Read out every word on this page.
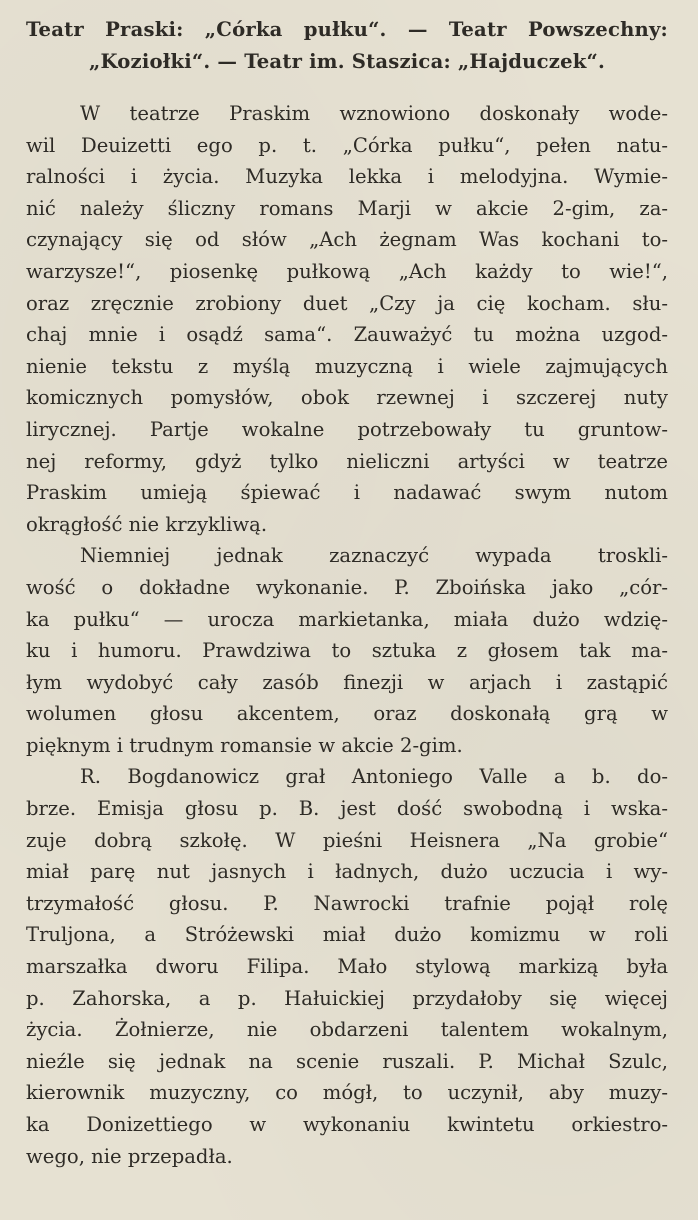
Teatr Praski: „Córka pułku“. — Teatr Powszechny:
„Koziołki“. — Teatr im. Staszica: „Hajduczek“.

W teatrze Praskim wznowiono doskonały wode-
wil Deuizetti ego p. t. „Córka pułku“, pełen natu-
ralności i życia. Muzyka lekka i melodyjna. Wymie-
nić należy śliczny romans Marji w akcie 2-gim, za-
czynający się od słów „Ach żegnam Was kochani to-
warzysze!“, piosenkę pułkową „Ach każdy to wie!“,
oraz zręcznie zrobiony duet „Czy ja cię kocham. słu-
chaj mnie i osądź sama“. Zauważyć tu można uzgod-
nienie tekstu z myślą muzyczną i wiele zajmujących
komicznych pomysłów, obok rzewnej i szczerej nuty
lirycznej. Partje wokalne potrzebowały tu gruntow-
nej reformy, gdyż tylko nieliczni artyści w teatrze
Praskim umieją śpiewać i nadawać swym nutom
okrągłość nie krzykliwą.

Niemniej jednak zaznaczyć wypada troskli-
wość o dokładne wykonanie. P. Zboińska jako „cór-
ka pułku“ — urocza markietanka, miała dużo wdzię-
ku i humoru. Prawdziwa to sztuka z głosem tak ma-
łym wydobyć cały zasób finezji w arjach i zastąpić
wolumen głosu akcentem, oraz doskonałą grą w
pięknym i trudnym romansie w akcie 2-gim.

R. Bogdanowicz grał Antoniego Valle a b. do-
brze. Emisja głosu p. B. jest dość swobodną i wska-
zuje dobrą szkołę. W pieśni Heisnera „Na grobie“
miał parę nut jasnych i ładnych, dużo uczucia i wy-
trzymałość głosu. P. Nawrocki trafnie pojął rolę
Truljona, a Stróżewski miał dużo komizmu w roli
marszałka dworu Filipa. Mało stylową markizą była
p. Zahorska, a p. Hałuickiej przydałoby się więcej
życia. Żołnierze, nie obdarzeni talentem wokalnym,
nieźle się jednak na scenie ruszali. P. Michał Szulc,
kierownik muzyczny, co mógł, to uczynił, aby muzy-
ka Donizettiego w wykonaniu kwintetu orkiestro-
wego, nie przepadła.
